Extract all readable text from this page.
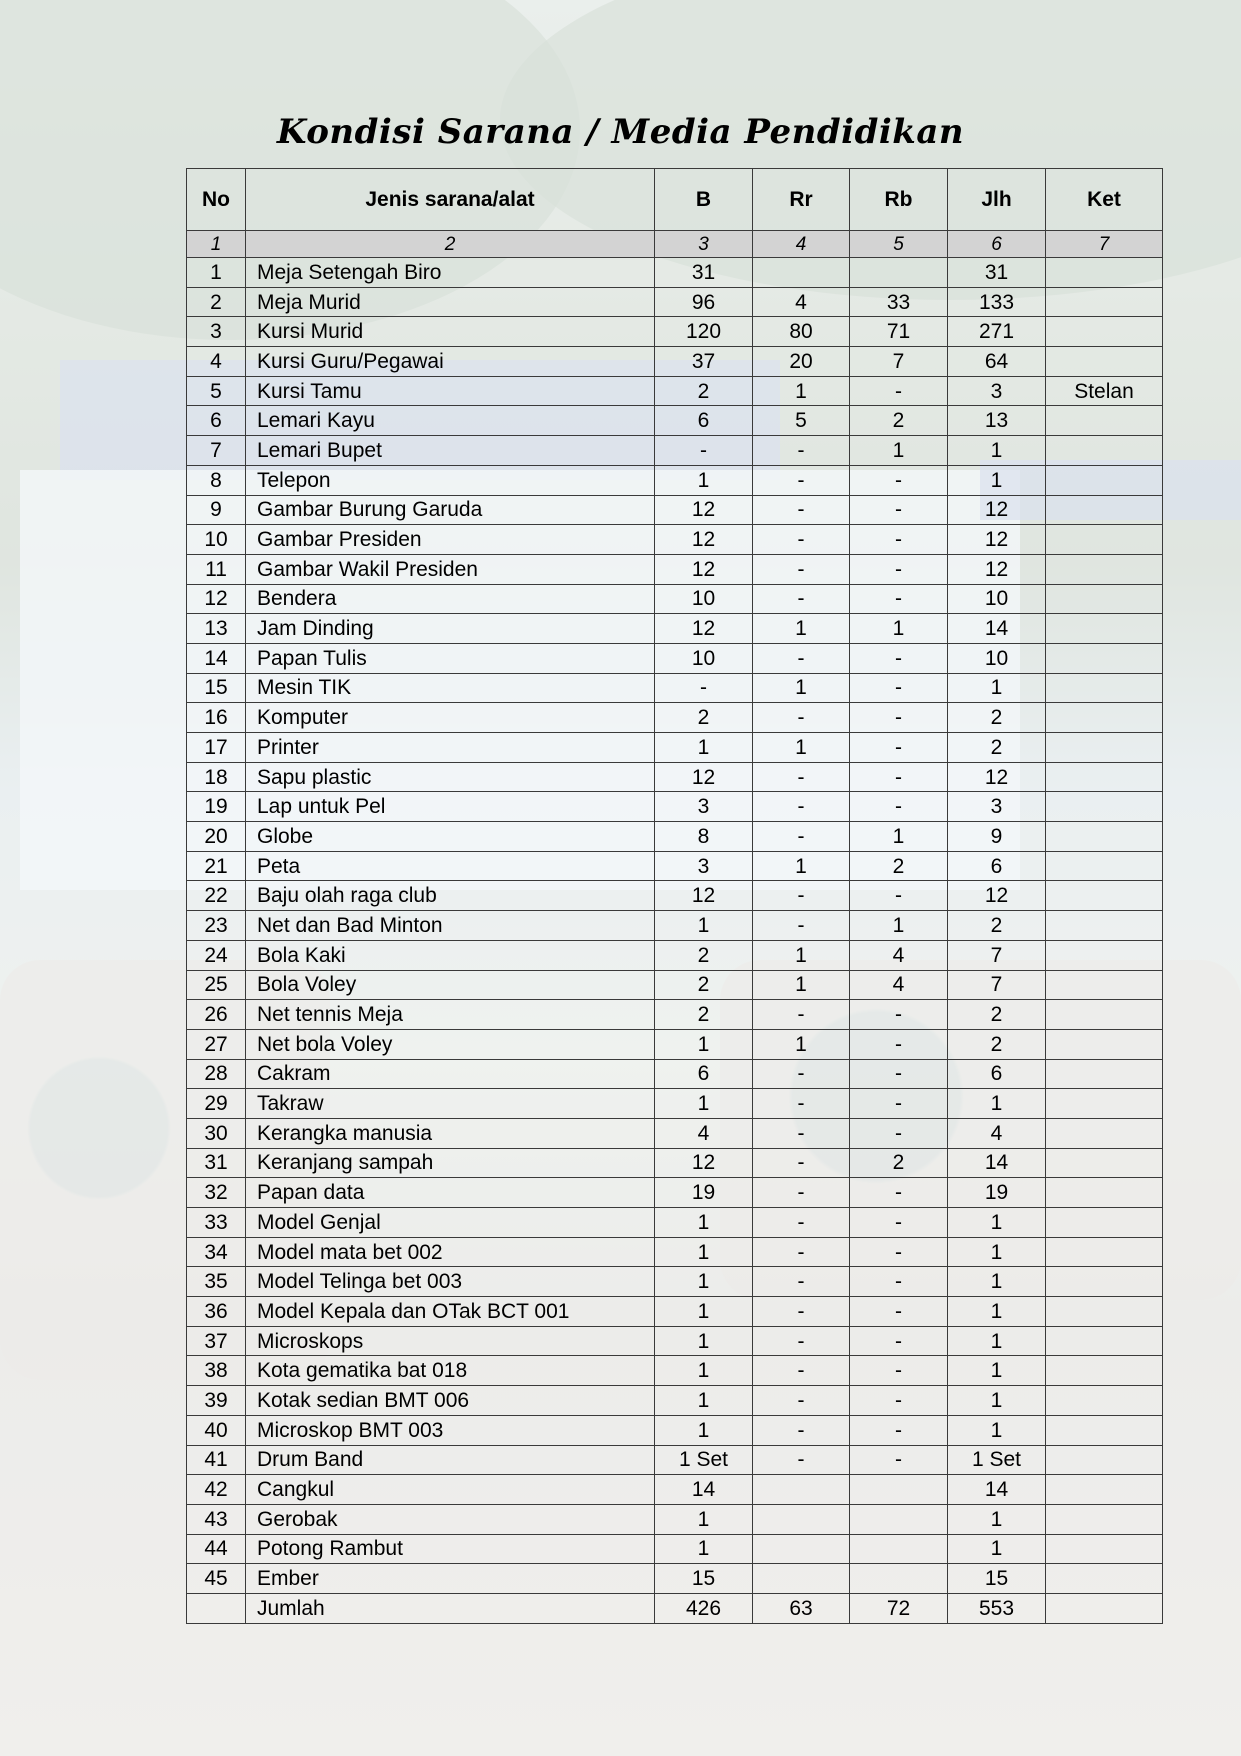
Kondisi Sarana / Media Pendidikan
No	Jenis sarana/alat	B	Rr	Rb	Jlh	Ket
1	2	3	4	5	6	7
1	Meja Setengah Biro	31			31	
2	Meja Murid	96	4	33	133	
3	Kursi Murid	120	80	71	271	
4	Kursi Guru/Pegawai	37	20	7	64	
5	Kursi Tamu	2	1	-	3	Stelan
6	Lemari Kayu	6	5	2	13	
7	Lemari Bupet	-	-	1	1	
8	Telepon	1	-	-	1	
9	Gambar Burung Garuda	12	-	-	12	
10	Gambar Presiden	12	-	-	12	
11	Gambar Wakil Presiden	12	-	-	12	
12	Bendera	10	-	-	10	
13	Jam Dinding	12	1	1	14	
14	Papan Tulis	10	-	-	10	
15	Mesin TIK	-	1	-	1	
16	Komputer	2	-	-	2	
17	Printer	1	1	-	2	
18	Sapu plastic	12	-	-	12	
19	Lap untuk Pel	3	-	-	3	
20	Globe	8	-	1	9	
21	Peta	3	1	2	6	
22	Baju olah raga club	12	-	-	12	
23	Net dan Bad Minton	1	-	1	2	
24	Bola Kaki	2	1	4	7	
25	Bola Voley	2	1	4	7	
26	Net tennis Meja	2	-	-	2	
27	Net bola Voley	1	1	-	2	
28	Cakram	6	-	-	6	
29	Takraw	1	-	-	1	
30	Kerangka manusia	4	-	-	4	
31	Keranjang sampah	12	-	2	14	
32	Papan data	19	-	-	19	
33	Model Genjal	1	-	-	1	
34	Model mata bet 002	1	-	-	1	
35	Model Telinga bet 003	1	-	-	1	
36	Model Kepala dan OTak BCT 001	1	-	-	1	
37	Microskops	1	-	-	1	
38	Kota gematika bat 018	1	-	-	1	
39	Kotak sedian BMT 006	1	-	-	1	
40	Microskop BMT 003	1	-	-	1	
41	Drum Band	1 Set	-	-	1 Set	
42	Cangkul	14			14	
43	Gerobak	1			1	
44	Potong Rambut	1			1	
45	Ember	15			15	
	Jumlah	426	63	72	553	
